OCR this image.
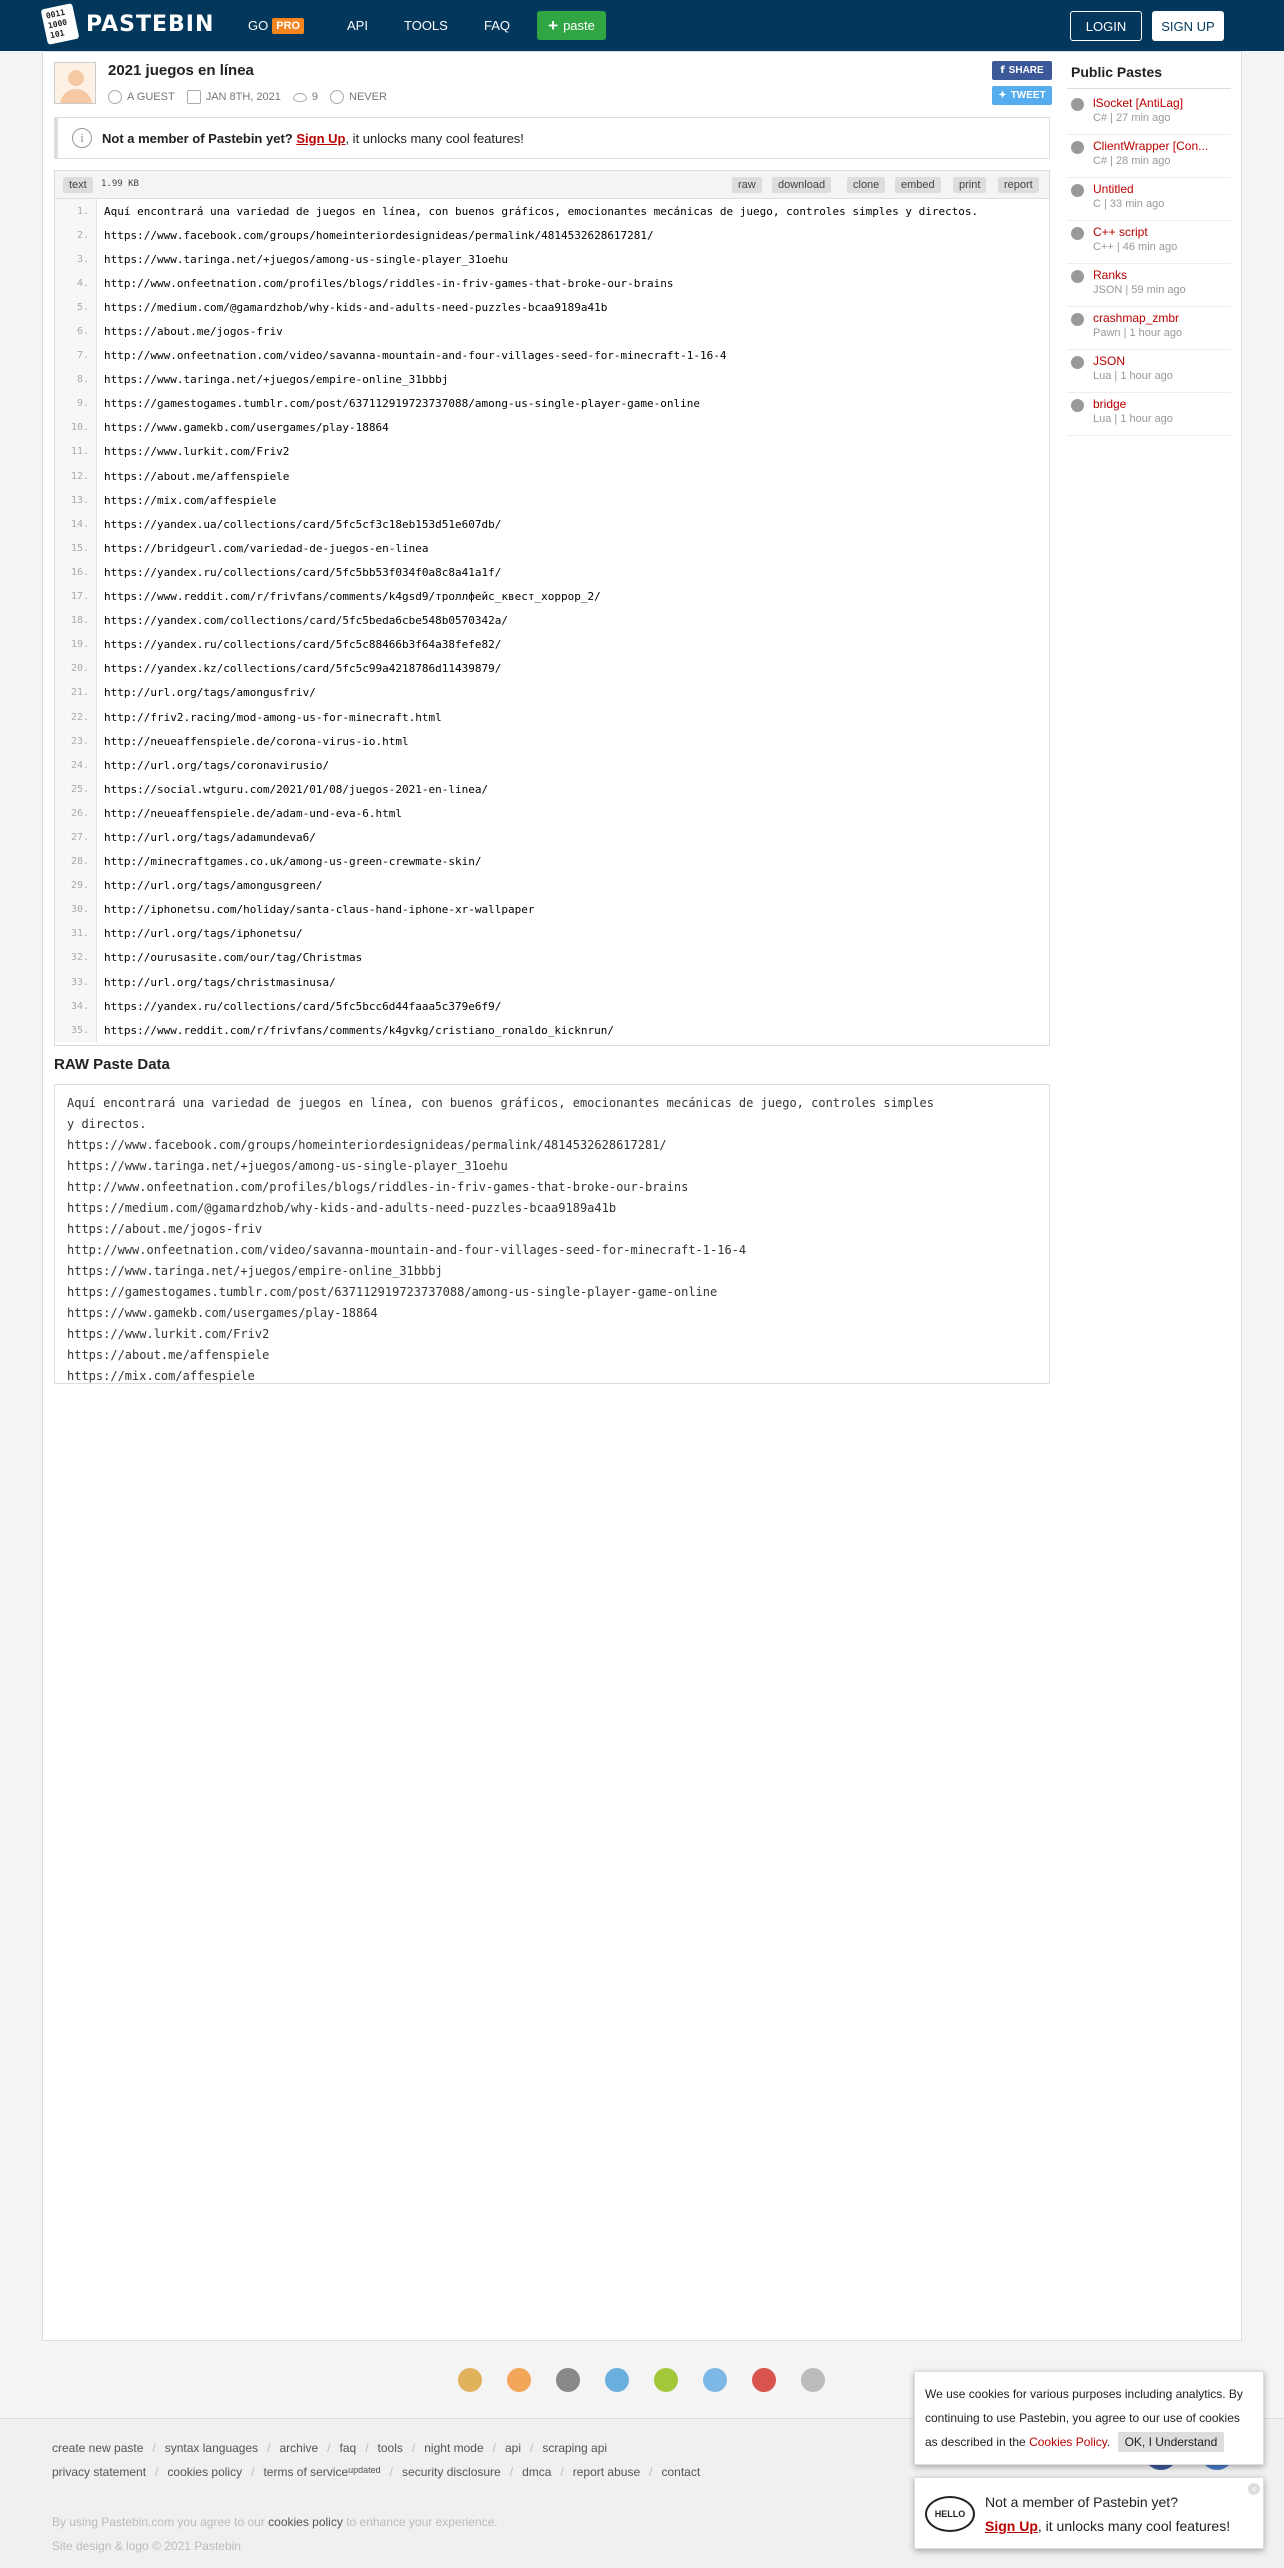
0011
1000
101 PASTEBIN	GO PRO	API	TOOLS	FAQ + paste	LOGIN	SIGN UP
2021 juegos en línea
A GUEST	JAN 8TH, 2021	9	NEVER
f SHARE
✦ TWEET
i	Not a member of Pastebin yet?
Sign Up , it unlocks many cool features!
text	1.99 KB	raw	download	clone	embed	print	report
1.	Aquí encontrará una variedad de juegos en línea, con buenos gráficos, emocionantes mecánicas de juego, controles simples y directos.
2.	https://www.facebook.com/groups/homeinteriordesignideas/permalink/4814532628617281/
3.	https://www.taringa.net/+juegos/among-us-single-player_31oehu
4.	http://www.onfeetnation.com/profiles/blogs/riddles-in-friv-games-that-broke-our-brains
5.	https://medium.com/@gamardzhob/why-kids-and-adults-need-puzzles-bcaa9189a41b
6.	https://about.me/jogos-friv
7.	http://www.onfeetnation.com/video/savanna-mountain-and-four-villages-seed-for-minecraft-1-16-4
8.	https://www.taringa.net/+juegos/empire-online_31bbbj
9.	https://gamestogames.tumblr.com/post/637112919723737088/among-us-single-player-game-online
10.	https://www.gamekb.com/usergames/play-18864
11.	https://www.lurkit.com/Friv2
12.	https://about.me/affenspiele
13.	https://mix.com/affespiele
14.	https://yandex.ua/collections/card/5fc5cf3c18eb153d51e607db/
15.	https://bridgeurl.com/variedad-de-juegos-en-linea
16.	https://yandex.ru/collections/card/5fc5bb53f034f0a8c8a41a1f/
17.	https://www.reddit.com/r/frivfans/comments/k4gsd9/троллфейс_квест_хоррор_2/
18.	https://yandex.com/collections/card/5fc5beda6cbe548b0570342a/
19.	https://yandex.ru/collections/card/5fc5c88466b3f64a38fefe82/
20.	https://yandex.kz/collections/card/5fc5c99a4218786d11439879/
21.	http://url.org/tags/amongusfriv/
22.	http://friv2.racing/mod-among-us-for-minecraft.html
23.	http://neueaffenspiele.de/corona-virus-io.html
24.	http://url.org/tags/coronavirusio/
25.	https://social.wtguru.com/2021/01/08/juegos-2021-en-linea/
26.	http://neueaffenspiele.de/adam-und-eva-6.html
27.	http://url.org/tags/adamundeva6/
28.	http://minecraftgames.co.uk/among-us-green-crewmate-skin/
29.	http://url.org/tags/amongusgreen/
30.	http://iphonetsu.com/holiday/santa-claus-hand-iphone-xr-wallpaper
31.	http://url.org/tags/iphonetsu/
32.	http://ourusasite.com/our/tag/Christmas
33.	http://url.org/tags/christmasinusa/
34.	https://yandex.ru/collections/card/5fc5bcc6d44faaa5c379e6f9/
35.	https://www.reddit.com/r/frivfans/comments/k4gvkg/cristiano_ronaldo_kicknrun/
RAW Paste Data
Aquí encontrará una variedad de juegos en línea, con buenos gráficos, emocionantes mecánicas de juego, controles simples
y directos.
https://www.facebook.com/groups/homeinteriordesignideas/permalink/4814532628617281/
https://www.taringa.net/+juegos/among-us-single-player_31oehu
http://www.onfeetnation.com/profiles/blogs/riddles-in-friv-games-that-broke-our-brains
https://medium.com/@gamardzhob/why-kids-and-adults-need-puzzles-bcaa9189a41b
https://about.me/jogos-friv
http://www.onfeetnation.com/video/savanna-mountain-and-four-villages-seed-for-minecraft-1-16-4
https://www.taringa.net/+juegos/empire-online_31bbbj
https://gamestogames.tumblr.com/post/637112919723737088/among-us-single-player-game-online
https://www.gamekb.com/usergames/play-18864
https://www.lurkit.com/Friv2
https://about.me/affenspiele
https://mix.com/affespiele
Public Pastes
lSocket [AntiLag]
C# | 27 min ago
ClientWrapper [Con...
C# | 28 min ago
Untitled
C | 33 min ago
C++ script
C++ | 46 min ago
Ranks
JSON | 59 min ago
crashmap_zmbr
Pawn | 1 hour ago
JSON
Lua | 1 hour ago
bridge
Lua | 1 hour ago
create new paste / syntax languages / archive / faq / tools / night mode / api / scraping api
privacy statement / cookies policy / terms of service updated / security disclosure / dmca / report abuse / contact
By using Pastebin.com you agree to our cookies policy to enhance your experience.
Site design & logo © 2021 Pastebin
We use cookies for various purposes including analytics. By continuing to use Pastebin, you agree to our use of cookies as described in the Cookies Policy. OK, I Understand
HELLO
Not a member of Pastebin yet?
Sign Up, it unlocks many cool features!
×
